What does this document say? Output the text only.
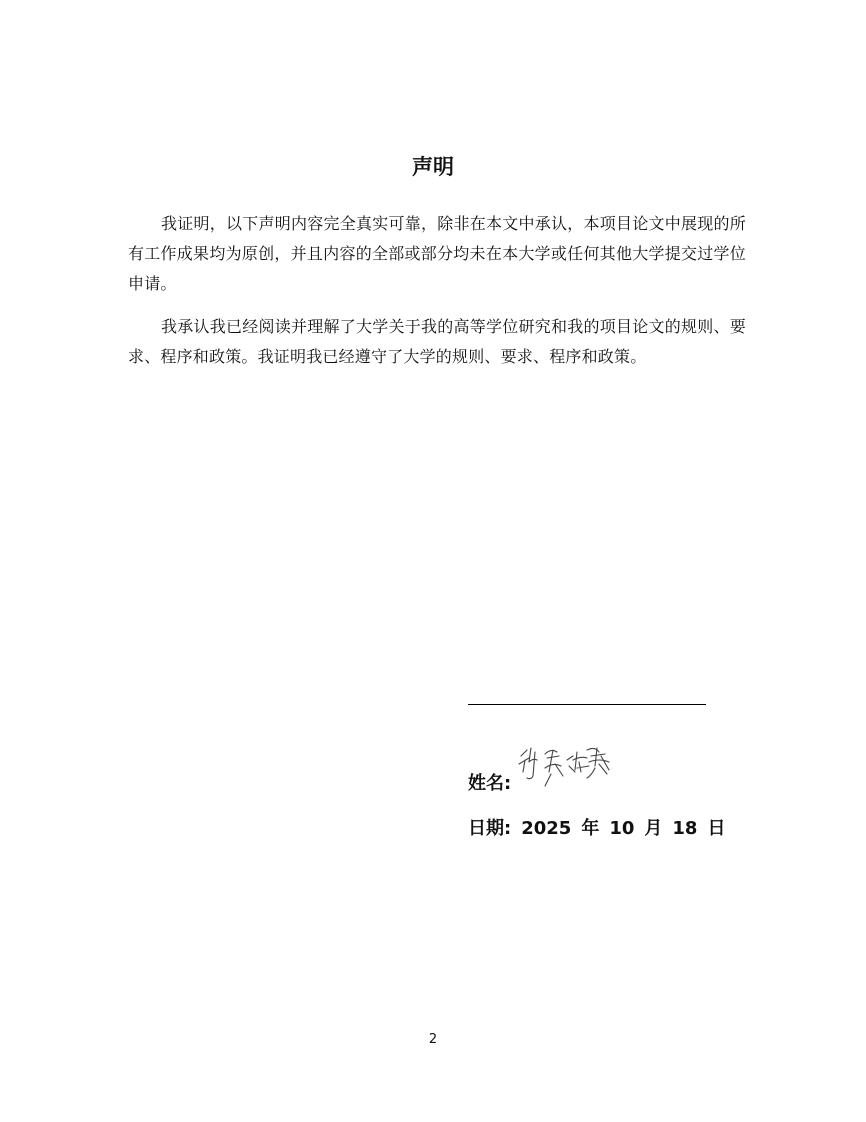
声明

我证明，以下声明内容完全真实可靠，除非在本文中承认，本项目论文中展现的所有工作成果均为原创，并且内容的全部或部分均未在本大学或任何其他大学提交过学位申请。

我承认我已经阅读并理解了大学关于我的高等学位研究和我的项目论文的规则、要求、程序和政策。我证明我已经遵守了大学的规则、要求、程序和政策。

姓名:
日期: 2025 年 10 月 18 日
2
